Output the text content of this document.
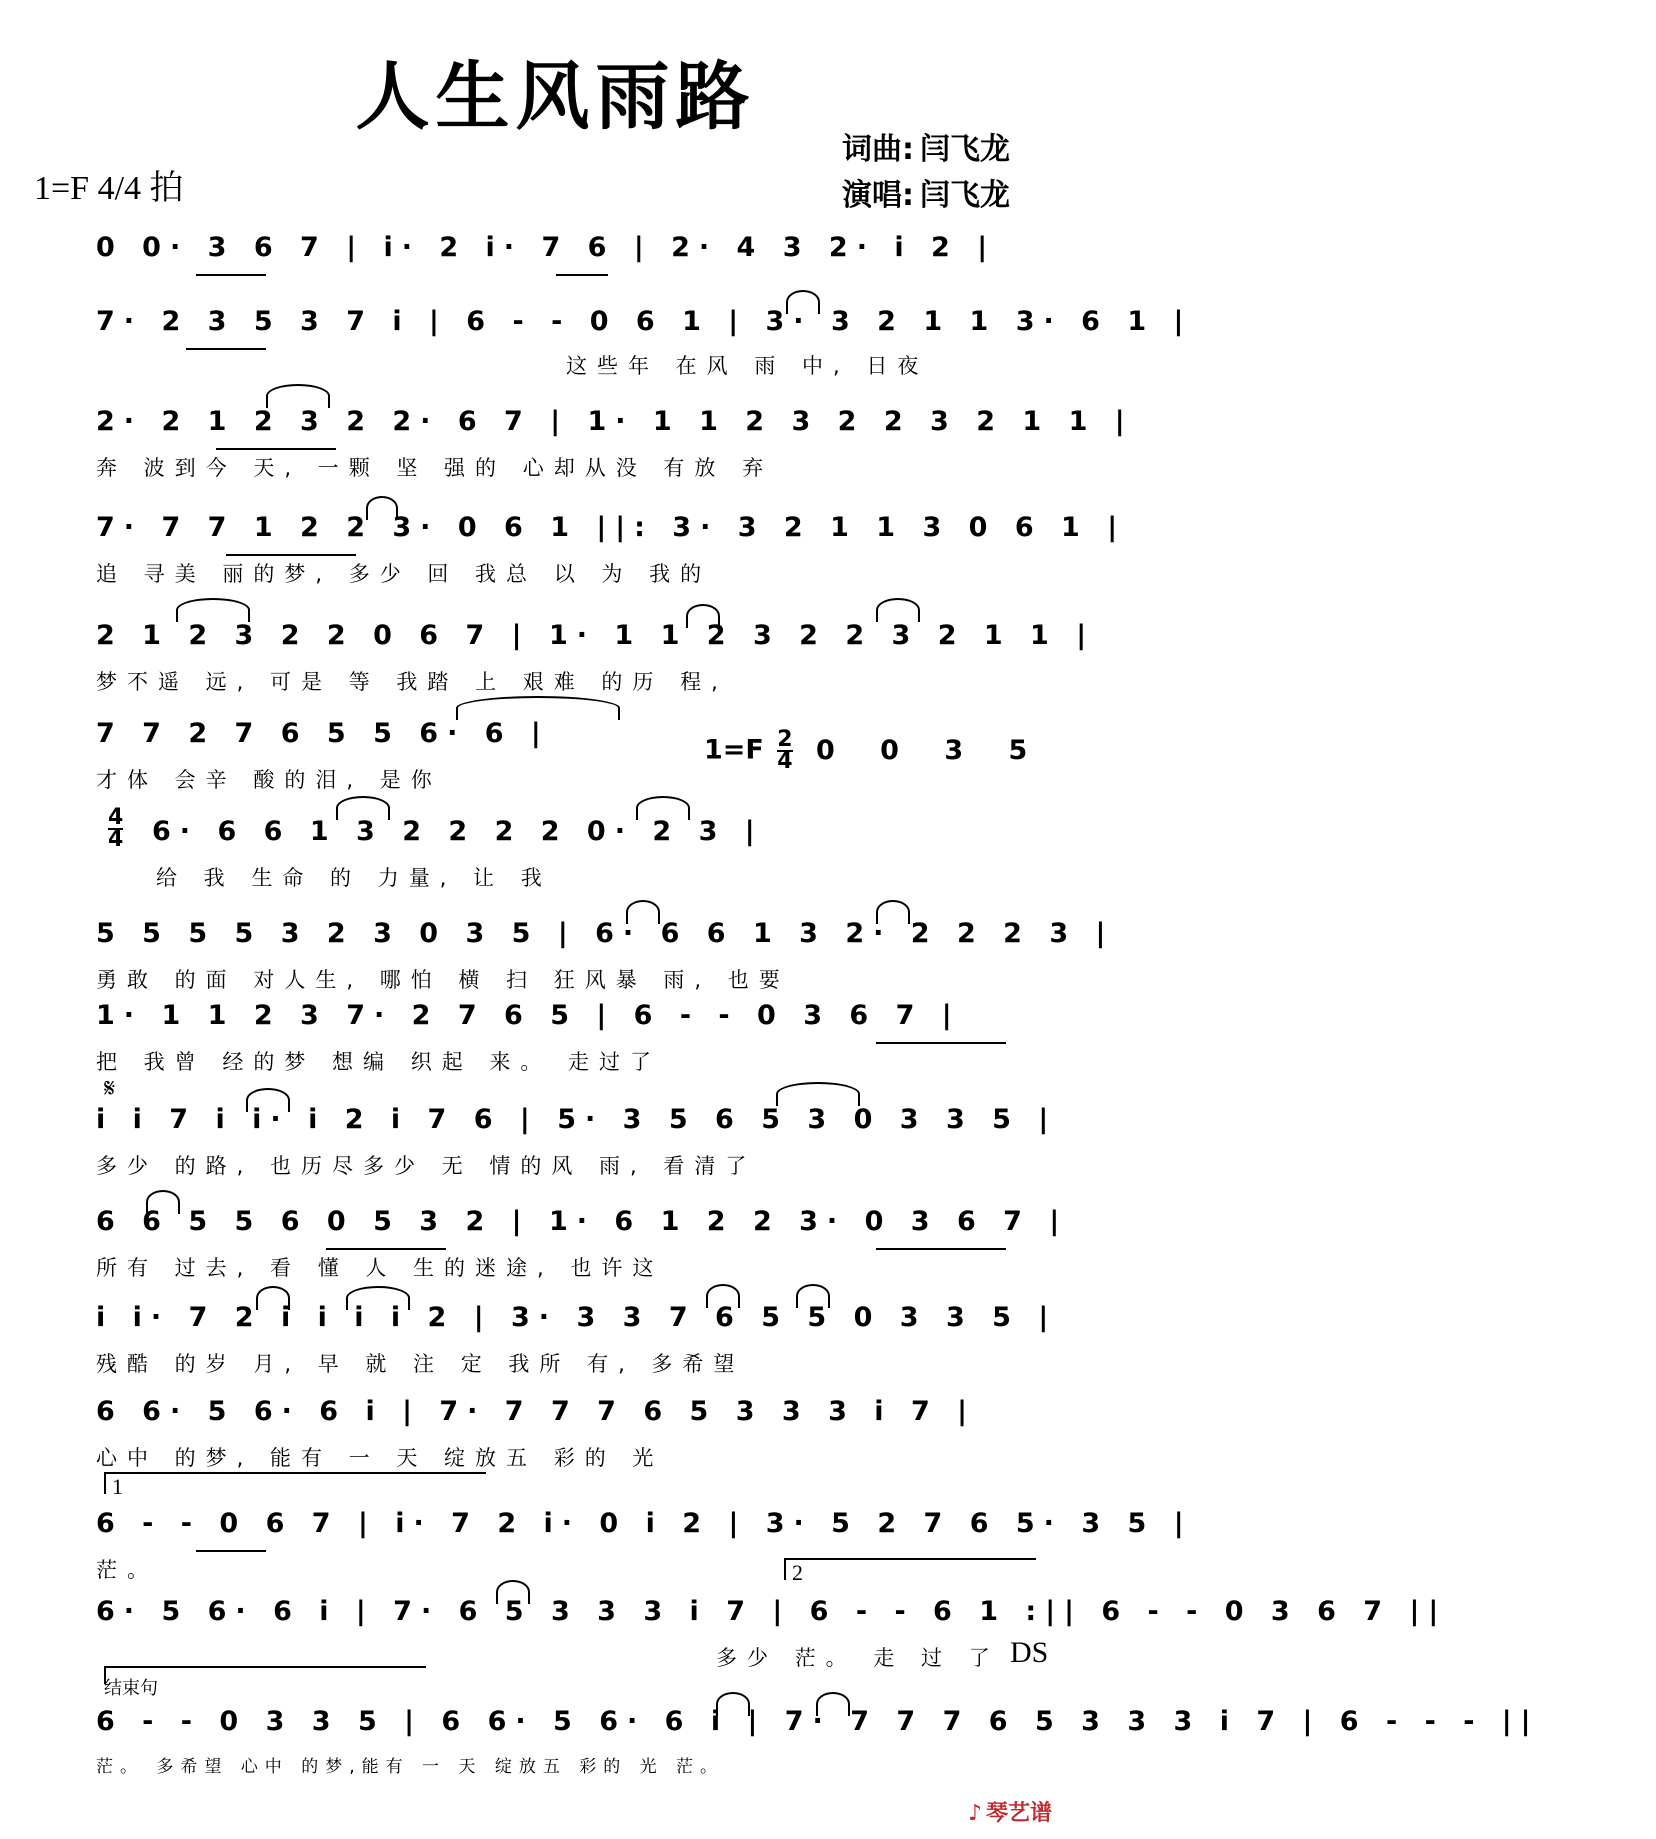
人生风雨路
1=F 4/4 拍
词曲: 闫飞龙
演唱: 闫飞龙
0 0· 3 6 7 | i· 2 i· 7 6 | 2· 4 3 2· i 2 |
7· 2 3 5 3 7 i | 6 - - 0 6 1 | 3· 3 2 1 1 3· 6 1 |
这些年 在风 雨 中, 日夜
2· 2 1 2 3 2 2· 6 7 | 1· 1 1 2 3 2 2 3 2 1 1 |
奔 波到今 天, 一颗 坚 强的 心却从没 有放 弃
7· 7 7 1 2 2 3· 0 6 1 ||: 3· 3 2 1 1 3 0 6 1 |
追 寻美 丽的梦, 多少 回 我总 以 为 我的
2 1 2 3 2 2 0 6 7 | 1· 1 1 2 3 2 2 3 2 1 1 |
梦不遥 远, 可是 等 我踏 上 艰难 的历 程,
7 7 2 7 6 5 5 6· 6 |
才体 会辛 酸的泪, 是你
$1=F \frac{2}{4} 0$ 0 3 5
6· 6 6 1 3 2 2 2 2 0· 2 3 |
给 我 生命 的 力量, 让 我
$\frac{4}{4}$
5 5 5 5 3 2 3 0 3 5 | 6· 6 6 1 3 2· 2 2 2 3 |
勇敢 的面 对人生, 哪怕 横 扫 狂风暴 雨, 也要
1· 1 1 2 3 7· 2 7 6 5 | 6 - - 0 3 6 7 |
把 我曾 经的梦 想编 织起 来。 走过了
𝄋
i i 7 i i· i 2 i 7 6 | 5· 3 5 6 5 3 0 3 3 5 |
多少 的路, 也历尽多少 无 情的风 雨, 看清了
6 6 5 5 6 0 5 3 2 | 1· 6 1 2 2 3· 0 3 6 7 |
所有 过去, 看 懂 人 生的迷途, 也许这
i i· 7 2 i i i i 2 | 3· 3 3 7 6 5 5 0 3 3 5 |
残酷 的岁 月, 早 就 注 定 我所 有, 多希望
6 6· 5 6· 6 i | 7· 7 7 7 6 5 3 3 3 i 7 |
心中 的梦, 能有 一 天 绽放五 彩的 光
1
6 - - 0 6 7 | i· 7 2 i· 0 i 2 | 3· 5 2 7 6 5· 3 5 |
茫。	2
6· 5 6· 6 i | 7· 6 5 3 3 3 i 7 | 6 - - 6 1 :|| 6 - - 0 3 6 7 ||
多少 茫。 走 过 了 DS
结束句
6 - - 0 3 3 5 | 6 6· 5 6· 6 i | 7· 7 7 7 6 5 3 3 3 i 7 | 6 - - - ||
茫。 多希望 心中 的梦,能有 一 天 绽放五 彩的 光 茫。
♪ 琴艺谱
